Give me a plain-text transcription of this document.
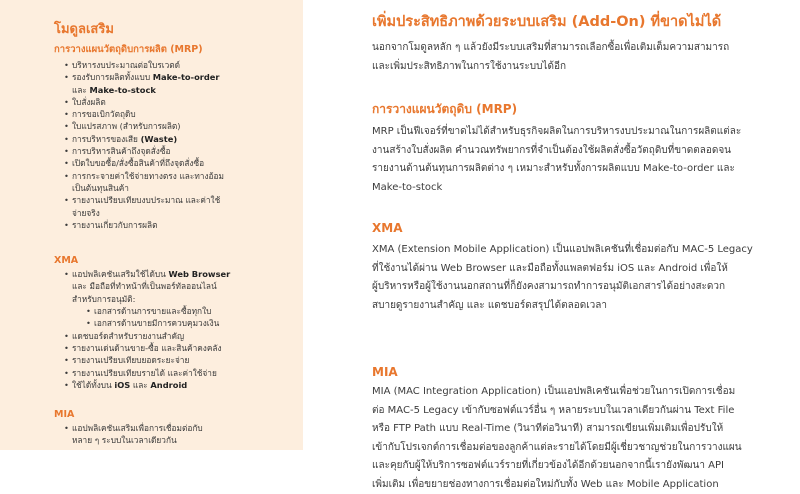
โมดูลเสริม
การวางแผนวัตถุดิบการผลิต (MRP)
• บริหารงบประมาณต่อใบรเวตด์
• รองรับการผลิตทั้งแบบ Make-to-order
และ Make-to-stock
• ใบสั่งผลิต
• การขอเบิกวัตถุดิบ
• ใบแปรสภาพ (สำหรับการผลิต)
• การบริหารของเสีย (Waste)
• การบริหารสินค้าถึงจุดสั่งซื้อ
• เปิดใบขอซื้อ/สั่งซื้อสินค้าที่ถึงจุดสั่งซื้อ
• การกระจายค่าใช้จ่ายทางตรง และทางอ้อม
เป็นต้นทุนสินค้า
• รายงานเปรียบเทียบงบประมาณ และค่าใช้
จ่ายจริง
• รายงานเกี่ยวกับการผลิต
XMA
• แอปพลิเคชันเสริมใช้ได้บน Web Browser
และ มือถือที่ทำหน้าที่เป็นพอร์ทัลออนไลน์
สำหรับการอนุมัติ:
• เอกสารด้านการขายและซื้อทุกใบ
• เอกสารด้านขายมีการควบคุมวงเงิน
• แดชบอร์ดสำหรับรายงานสำคัญ
• รายงานเด่นด้านขาย-ซื้อ และสินค้าคงคลัง
• รายงานเปรียบเทียบยอดระยะจ่าย
• รายงานเปรียบเทียบรายได้ และค่าใช้จ่าย
• ใช้ได้ทั้งบน iOS และ Android
MIA
• แอปพลิเคชันเสริมเพื่อการเชื่อมต่อกับ
หลาย ๆ ระบบในเวลาเดียวกัน
เพิ่มประสิทธิภาพด้วยระบบเสริม (Add-On) ที่ขาดไม่ได้

นอกจากโมดูลหลัก ๆ แล้วยังมีระบบเสริมที่สามารถเลือกซื้อเพื่อเติมเต็มความสามารถ
และเพิ่มประสิทธิภาพในการใช้งานระบบได้อีก

การวางแผนวัตถุดิบ (MRP)

MRP เป็นฟีเจอร์ที่ขาดไม่ได้สำหรับธุรกิจผลิตในการบริหารงบประมาณในการผลิตแต่ละ
งานสร้างใบสั่งผลิต คำนวณทรัพยากรที่จำเป็นต้องใช้ผลิตสั่งซื้อวัตถุดิบที่ขาดตลอดจน
รายงานด้านต้นทุนการผลิตต่าง ๆ เหมาะสำหรับทั้งการผลิตแบบ Make-to-order และ
Make-to-stock

XMA

XMA (Extension Mobile Application) เป็นแอปพลิเคชันที่เชื่อมต่อกับ MAC-5 Legacy
ที่ใช้งานได้ผ่าน Web Browser และมือถือทั้งแพลตฟอร์ม iOS และ Android เพื่อให้
ผู้บริหารหรือผู้ใช้งานนอกสถานที่ก็ยังคงสามารถทำการอนุมัติเอกสารได้อย่างสะดวก
สบายดูรายงานสำคัญ และ แดชบอร์ดสรุปได้ตลอดเวลา

MIA

MIA (MAC Integration Application) เป็นแอปพลิเคชันเพื่อช่วยในการเปิดการเชื่อม
ต่อ MAC-5 Legacy เข้ากับซอฟต์แวร์อื่น ๆ หลายระบบในเวลาเดียวกันผ่าน Text File
หรือ FTP Path แบบ Real-Time (วินาทีต่อวินาที) สามารถเขียนเพิ่มเติมเพื่อปรับให้
เข้ากับโปรเจกต์การเชื่อมต่อของลูกค้าแต่ละรายได้โดยมีผู้เชี่ยวชาญช่วยในการวางแผน
และคุยกับผู้ให้บริการซอฟต์แวร์รายที่เกี่ยวข้องได้อีกด้วยนอกจากนี้เรายังพัฒนา API
เพิ่มเติม เพื่อขยายช่องทางการเชื่อมต่อใหม่กับทั้ง Web และ Mobile Application
